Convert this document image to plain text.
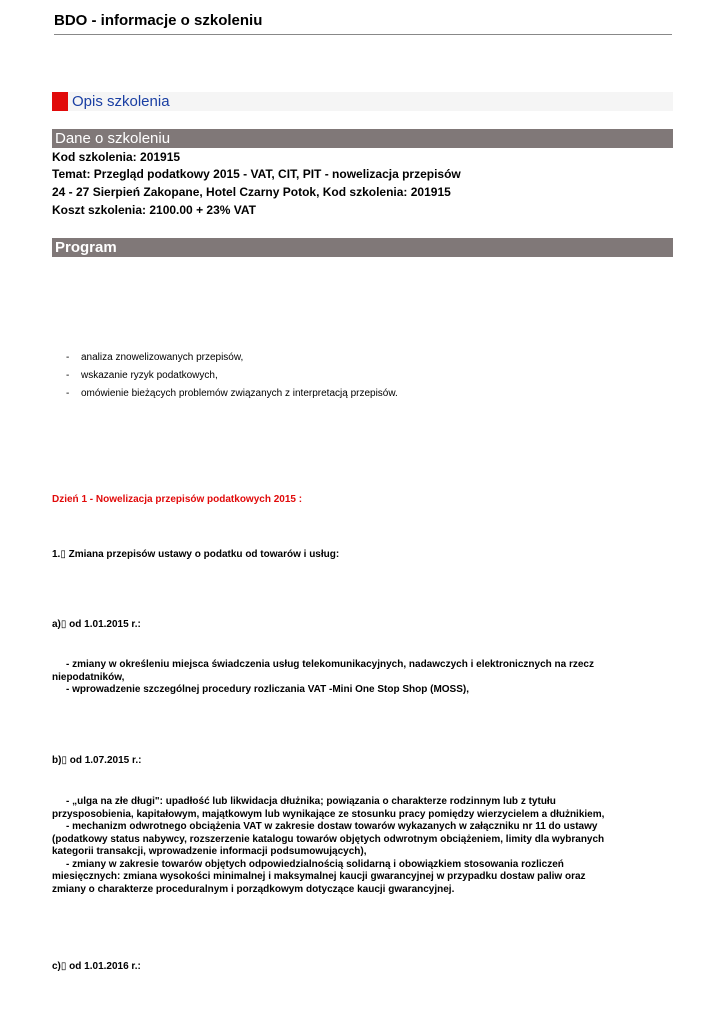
BDO - informacje o szkoleniu
Opis szkolenia
Dane o szkoleniu
Kod szkolenia: 201915
Temat: Przegląd podatkowy 2015 - VAT, CIT, PIT - nowelizacja przepisów
24 - 27 Sierpień Zakopane, Hotel Czarny Potok, Kod szkolenia: 201915
Koszt szkolenia: 2100.00 + 23% VAT
Program
- analiza znowelizowanych przepisów,
- wskazanie ryzyk podatkowych,
- omówienie bieżących problemów związanych z interpretacją przepisów.
Dzień 1 - Nowelizacja przepisów podatkowych 2015 :
1.▯ Zmiana przepisów ustawy o podatku od towarów i usług:
a)▯ od 1.01.2015 r.:
- zmiany w określeniu miejsca świadczenia usług telekomunikacyjnych, nadawczych i elektronicznych na rzecz
niepodatników,
- wprowadzenie szczególnej procedury rozliczania VAT -Mini One Stop Shop (MOSS),
b)▯ od 1.07.2015 r.:
- „ulga na złe długi": upadłość lub likwidacja dłużnika; powiązania o charakterze rodzinnym lub z tytułu
przysposobienia, kapitałowym, majątkowym lub wynikające ze stosunku pracy pomiędzy wierzycielem a dłużnikiem,
- mechanizm odwrotnego obciążenia VAT w zakresie dostaw towarów wykazanych w załączniku nr 11 do ustawy
(podatkowy status nabywcy, rozszerzenie katalogu towarów objętych odwrotnym obciążeniem, limity dla wybranych
kategorii transakcji, wprowadzenie informacji podsumowujących),
- zmiany w zakresie towarów objętych odpowiedzialnością solidarną i obowiązkiem stosowania rozliczeń
miesięcznych: zmiana wysokości minimalnej i maksymalnej kaucji gwarancyjnej w przypadku dostaw paliw oraz
zmiany o charakterze proceduralnym i porządkowym dotyczące kaucji gwarancyjnej.
c)▯ od 1.01.2016 r.:
